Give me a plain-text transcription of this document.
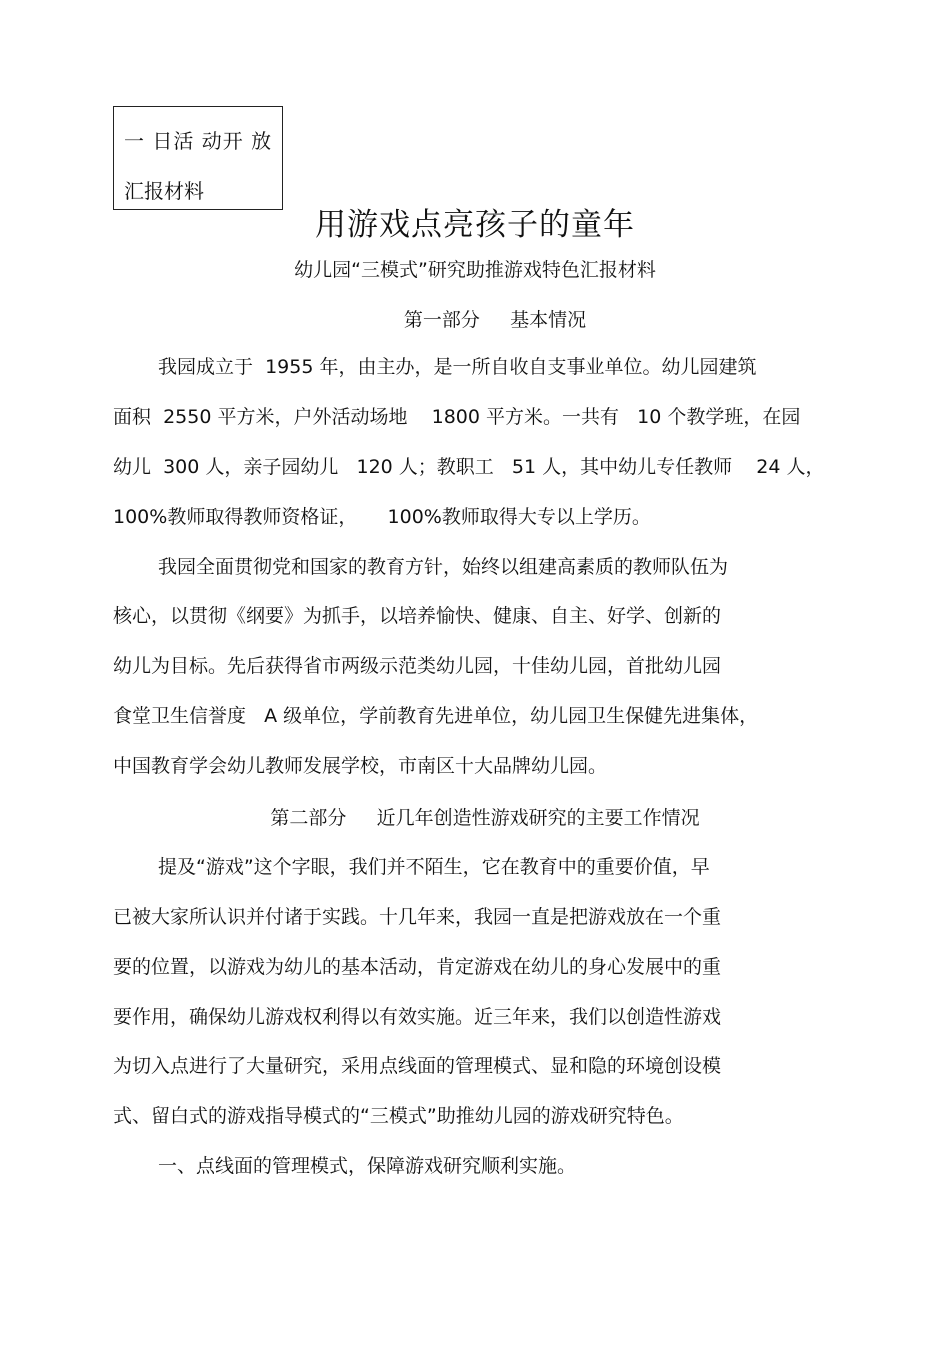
一 日活 动开 放
汇报材料
用游戏点亮孩子的童年
幼儿园“三模式”研究助推游戏特色汇报材料
第一部分     基本情况
我园成立于  1955 年，由主办，是一所自收自支事业单位。幼儿园建筑
面积  2550 平方米，户外活动场地    1800 平方米。一共有   10 个教学班，在园
幼儿  300 人，亲子园幼儿   120 人；教职工   51 人，其中幼儿专任教师    24 人，
100%教师取得教师资格证，     100%教师取得大专以上学历。
我园全面贯彻党和国家的教育方针，始终以组建高素质的教师队伍为
核心，以贯彻《纲要》为抓手，以培养愉快、健康、自主、好学、创新的
幼儿为目标。先后获得省市两级示范类幼儿园，十佳幼儿园，首批幼儿园
食堂卫生信誉度   A 级单位，学前教育先进单位，幼儿园卫生保健先进集体，
中国教育学会幼儿教师发展学校，市南区十大品牌幼儿园。
第二部分     近几年创造性游戏研究的主要工作情况
提及“游戏”这个字眼，我们并不陌生，它在教育中的重要价值，早
已被大家所认识并付诸于实践。十几年来，我园一直是把游戏放在一个重
要的位置，以游戏为幼儿的基本活动，肯定游戏在幼儿的身心发展中的重
要作用，确保幼儿游戏权利得以有效实施。近三年来，我们以创造性游戏
为切入点进行了大量研究，采用点线面的管理模式、显和隐的环境创设模
式、留白式的游戏指导模式的“三模式”助推幼儿园的游戏研究特色。
一、点线面的管理模式，保障游戏研究顺利实施。
